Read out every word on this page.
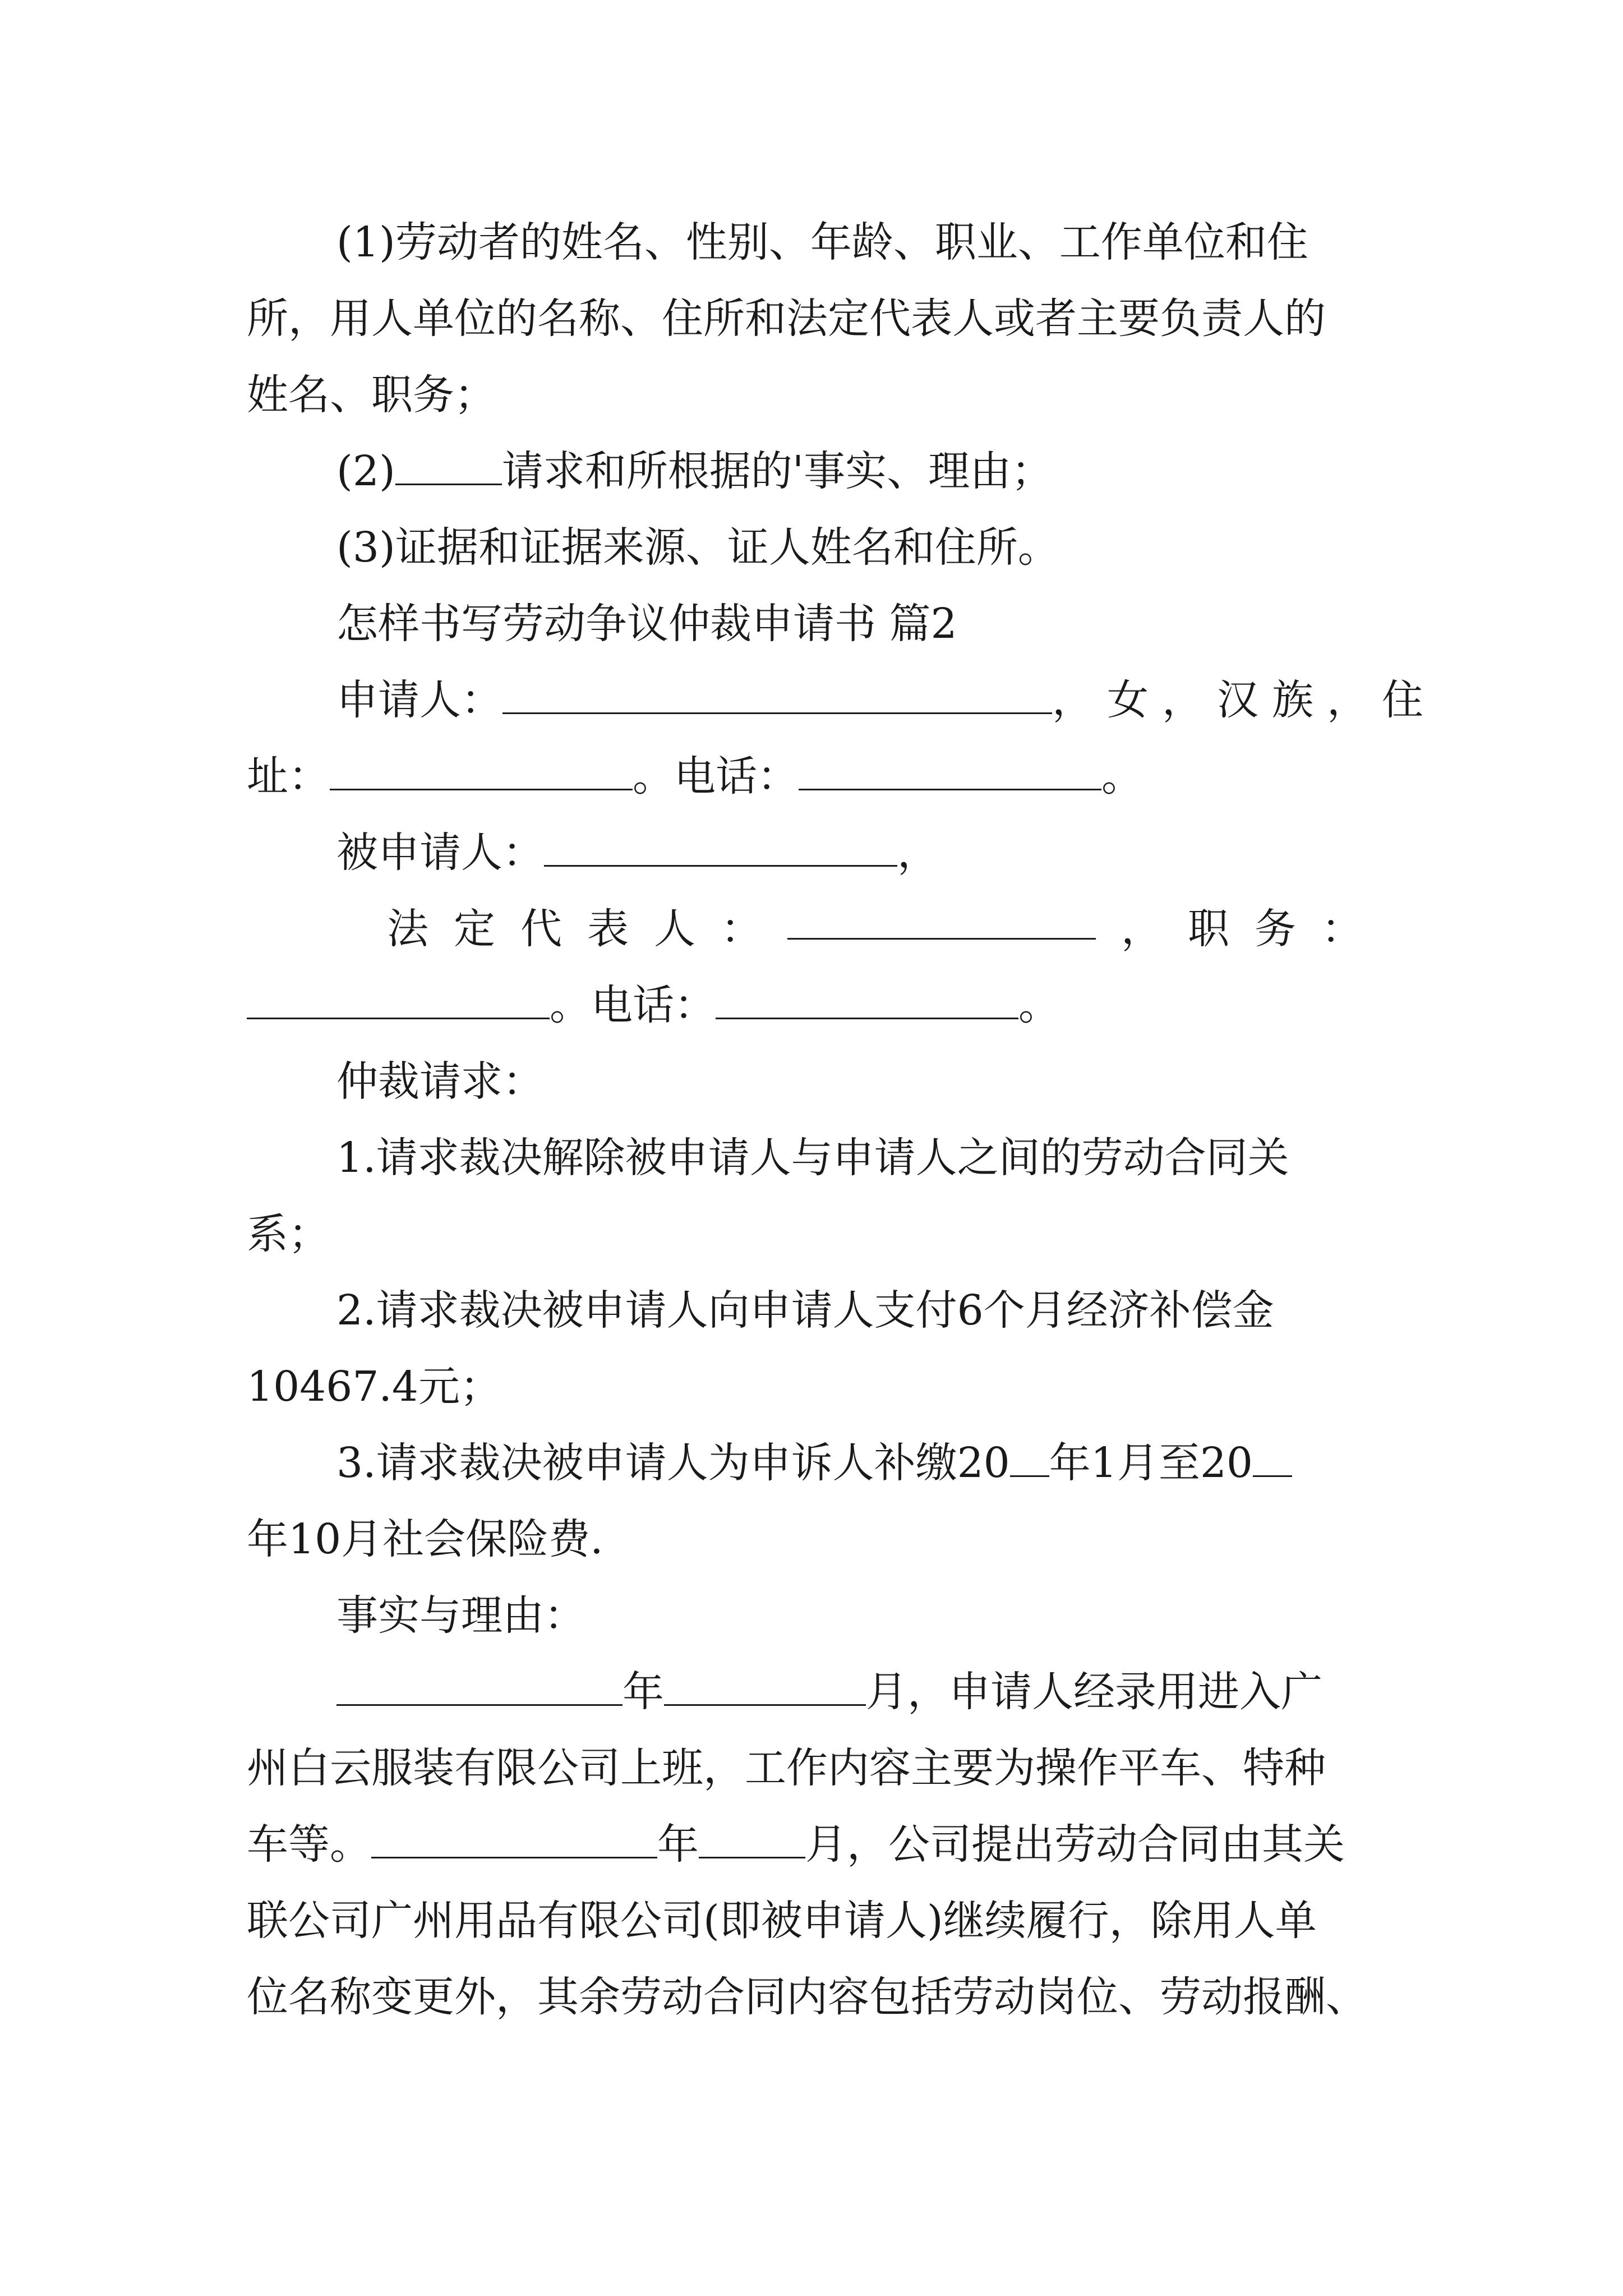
(1)劳动者的姓名、性别、年龄、职业、工作单位和住
所，用人单位的名称、住所和法定代表人或者主要负责人的
姓名、职务；
(2)	请求和所根据的'事实、理由；
(3)证据和证据来源、证人姓名和住所。
怎样书写劳动争议仲裁申请书 篇2
申请人：	，女，汉族，住
址：	。电话：	。
被申请人：	，
法 定 代 表 人 ：	， 职 务 ：
。电话：	。
仲裁请求：
1.请求裁决解除被申请人与申请人之间的劳动合同关
系；
2.请求裁决被申请人向申请人支付6个月经济补偿金
10467.4元；
3.请求裁决被申请人为申诉人补缴20 年1月至20
年10月社会保险费.
事实与理由：
年	月，申请人经录用进入广
州白云服装有限公司上班，工作内容主要为操作平车、特种
车等。	年	月，公司提出劳动合同由其关
联公司广州用品有限公司(即被申请人)继续履行，除用人单
位名称变更外，其余劳动合同内容包括劳动岗位、劳动报酬、
